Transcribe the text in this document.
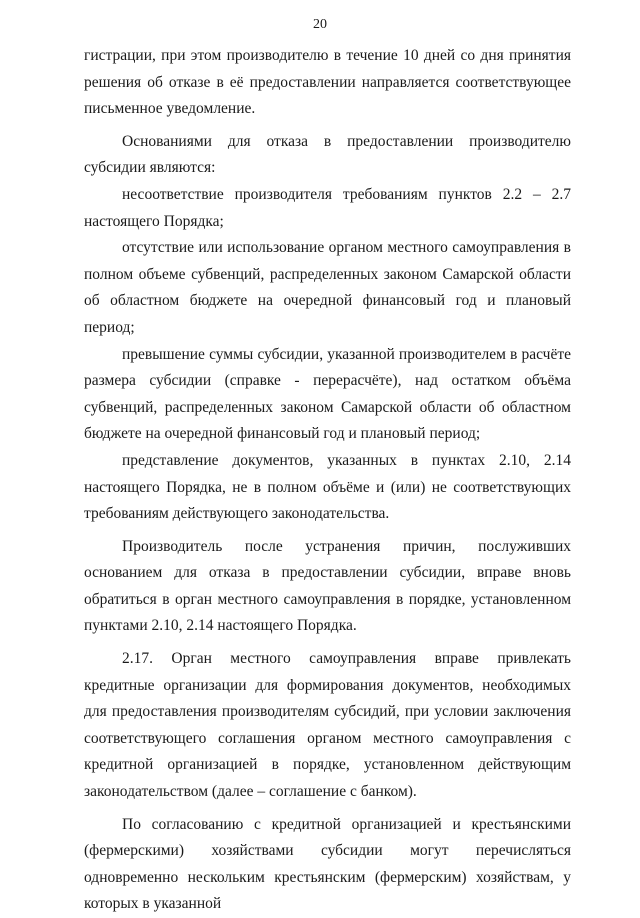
20

гистрации, при этом производителю в течение 10 дней со дня принятия решения об отказе в её предоставлении направляется соответствующее письменное уведомление.

Основаниями для отказа в предоставлении производителю субсидии являются:

несоответствие производителя требованиям пунктов 2.2 – 2.7 настоящего Порядка;

отсутствие или использование органом местного самоуправления в полном объеме субвенций, распределенных законом Самарской области об областном бюджете на очередной финансовый год и плановый период;

превышение суммы субсидии, указанной производителем в расчёте размера субсидии (справке - перерасчёте), над остатком объёма субвенций, распределенных законом Самарской области об областном бюджете на очередной финансовый год и плановый период;

представление документов, указанных в пунктах 2.10, 2.14 настоящего Порядка, не в полном объёме и (или) не соответствующих требованиям действующего законодательства.

Производитель после устранения причин, послуживших основанием для отказа в предоставлении субсидии, вправе вновь обратиться в орган местного самоуправления в порядке, установленном пунктами 2.10, 2.14 настоящего Порядка.

2.17. Орган местного самоуправления вправе привлекать кредитные организации для формирования документов, необходимых для предоставления производителям субсидий, при условии заключения соответствующего соглашения органом местного самоуправления с кредитной организацией в порядке, установленном действующим законодательством (далее – соглашение с банком).

По согласованию с кредитной организацией и крестьянскими (фермерскими) хозяйствами субсидии могут перечисляться одновременно нескольким крестьянским (фермерским) хозяйствам, у которых в указанной
